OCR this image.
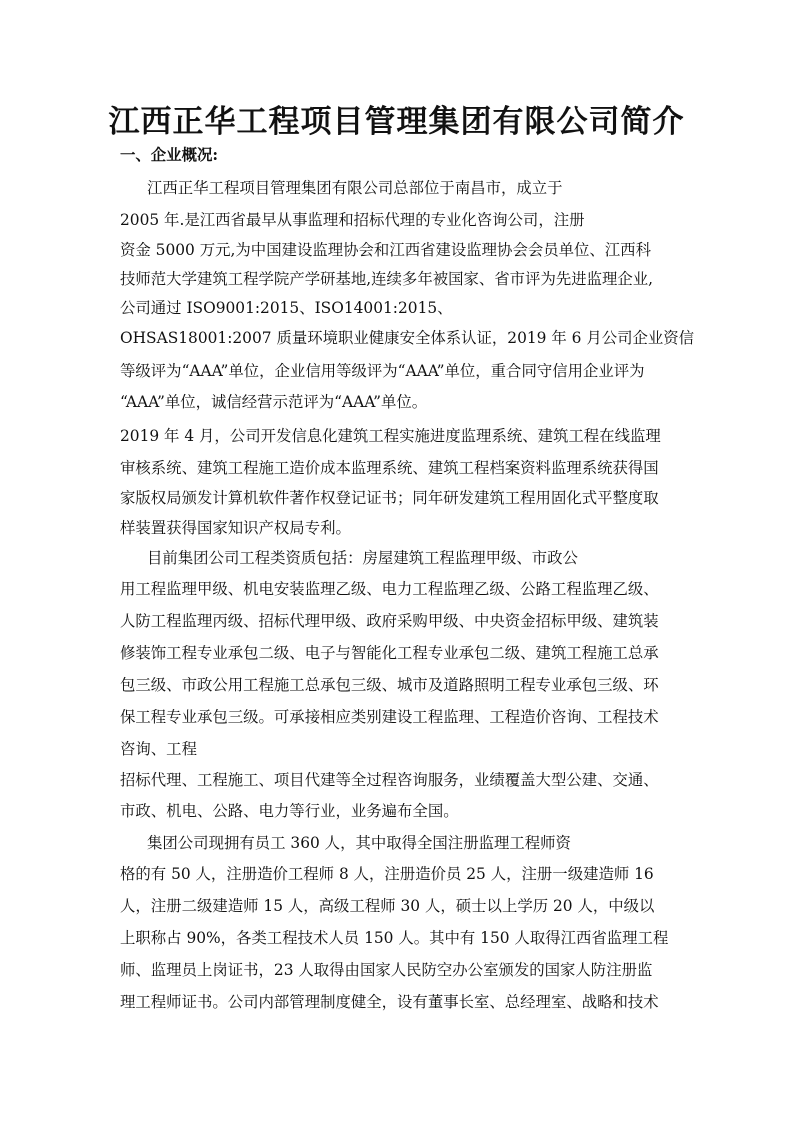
江西正华工程项目管理集团有限公司简介
一、企业概况:
江西正华工程项目管理集团有限公司总部位于南昌市，成立于
2005 年.是江西省最早从事监理和招标代理的专业化咨询公司，注册
资金 5000 万元,为中国建设监理协会和江西省建设监理协会会员单位、江西科
技师范大学建筑工程学院产学研基地,连续多年被国家、省市评为先进监理企业,
公司通过 ISO9001:2015、ISO14001:2015、
OHSAS18001:2007 质量环境职业健康安全体系认证，2019 年 6 月公司企业资信
等级评为“AAA”单位，企业信用等级评为“AAA”单位，重合同守信用企业评为
“AAA”单位，诚信经营示范评为“AAA”单位。
2019 年 4 月，公司开发信息化建筑工程实施进度监理系统、建筑工程在线监理
审核系统、建筑工程施工造价成本监理系统、建筑工程档案资料监理系统获得国
家版权局颁发计算机软件著作权登记证书；同年研发建筑工程用固化式平整度取
样装置获得国家知识产权局专利。
目前集团公司工程类资质包括：房屋建筑工程监理甲级、市政公
用工程监理甲级、机电安装监理乙级、电力工程监理乙级、公路工程监理乙级、
人防工程监理丙级、招标代理甲级、政府采购甲级、中央资金招标甲级、建筑装
修装饰工程专业承包二级、电子与智能化工程专业承包二级、建筑工程施工总承
包三级、市政公用工程施工总承包三级、城市及道路照明工程专业承包三级、环
保工程专业承包三级。可承接相应类别建设工程监理、工程造价咨询、工程技术
咨询、工程
招标代理、工程施工、项目代建等全过程咨询服务，业绩覆盖大型公建、交通、
市政、机电、公路、电力等行业，业务遍布全国。
集团公司现拥有员工 360 人，其中取得全国注册监理工程师资
格的有 50 人，注册造价工程师 8 人，注册造价员 25 人，注册一级建造师 16
人，注册二级建造师 15 人，高级工程师 30 人，硕士以上学历 20 人，中级以
上职称占 90%，各类工程技术人员 150 人。其中有 150 人取得江西省监理工程
师、监理员上岗证书，23 人取得由国家人民防空办公室颁发的国家人防注册监
理工程师证书。公司内部管理制度健全，设有董事长室、总经理室、战略和技术
